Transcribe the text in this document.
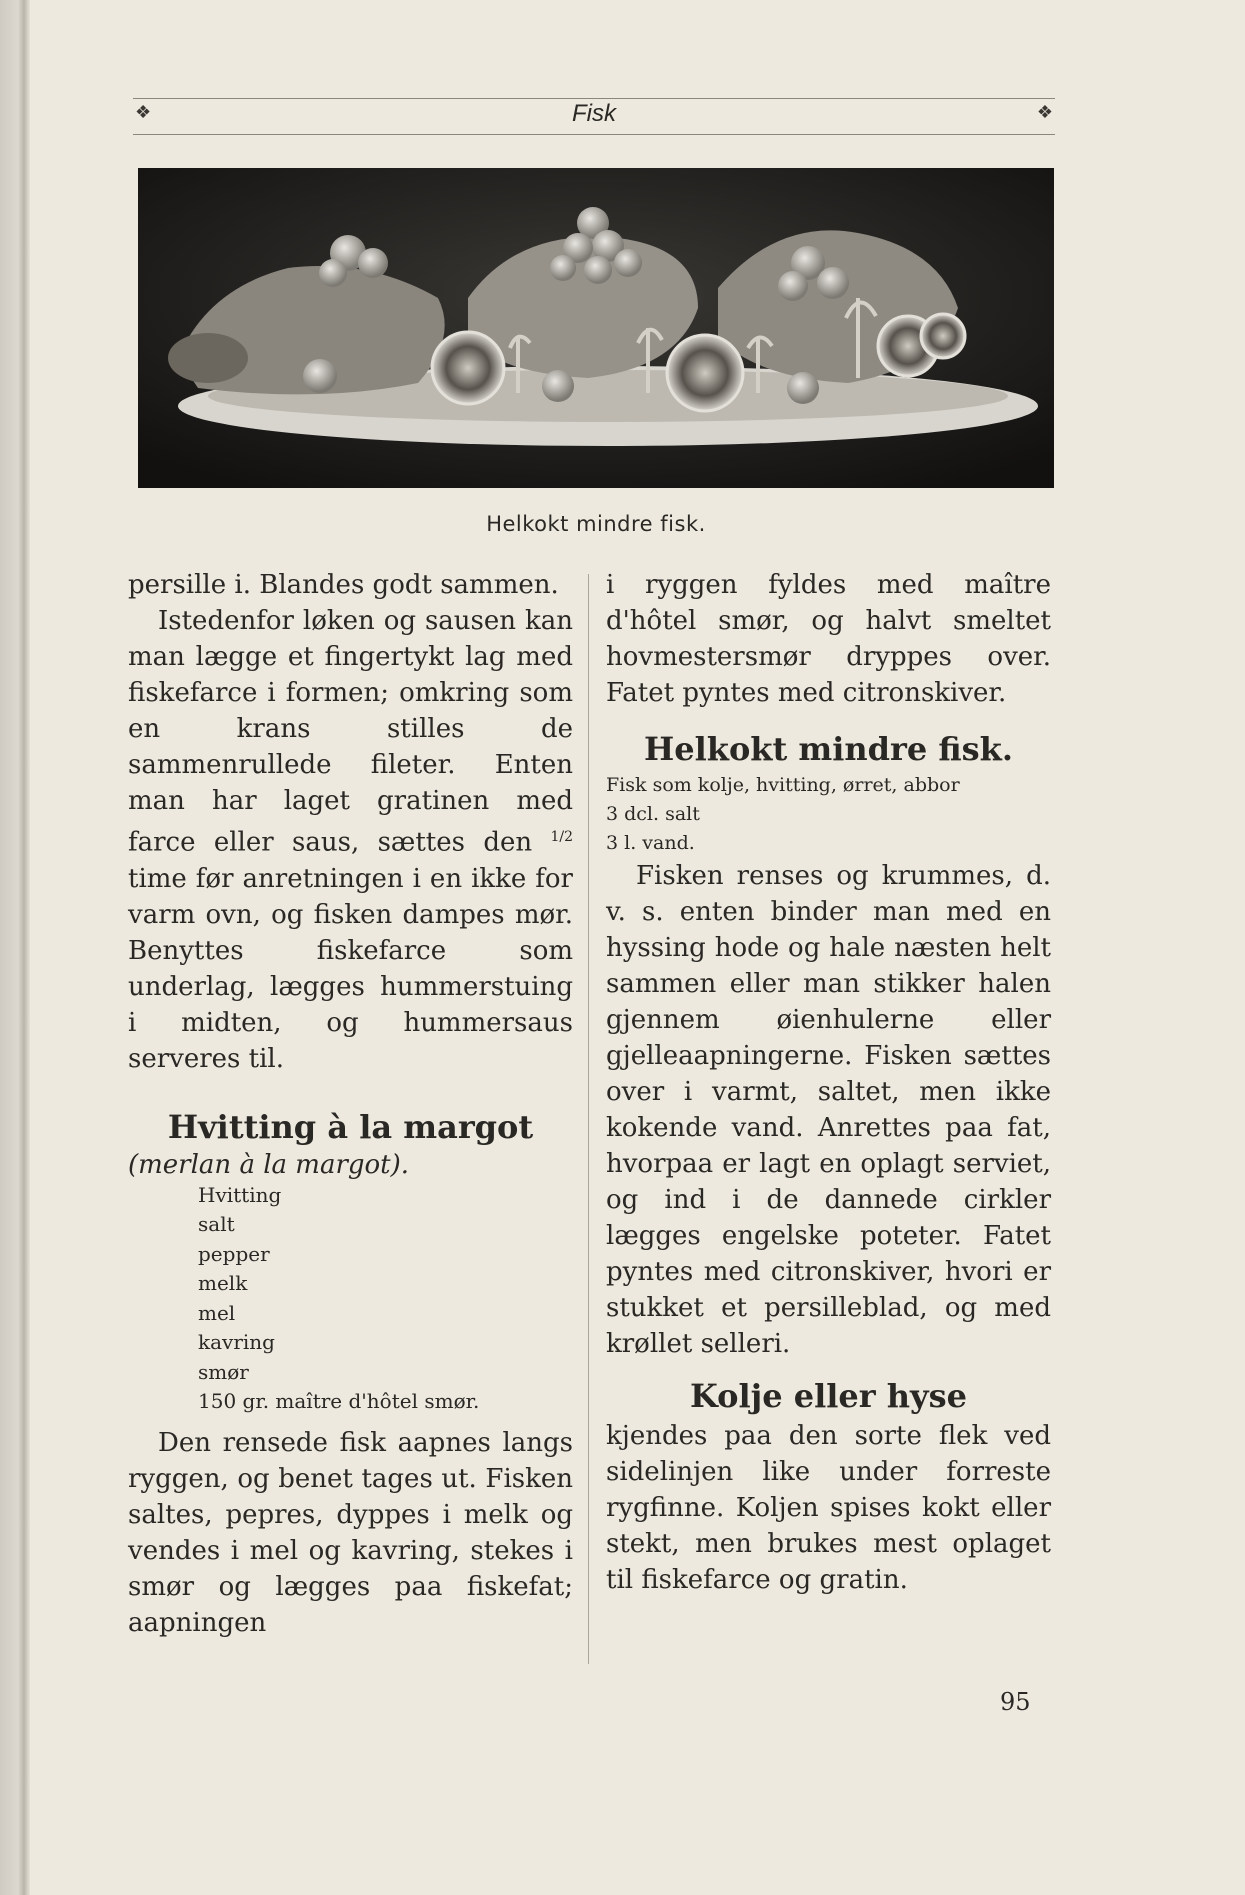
❖	Fisk	❖
Helkokt mindre fisk.

persille i. Blandes godt sammen.

Istedenfor løken og sausen kan man lægge et fingertykt lag med fiskefarce i formen; omkring som en krans stilles de sammenrullede fileter. Enten man har laget gratinen med farce eller saus, sættes den $^{1/2}$ time før anretningen i en ikke for varm ovn, og fisken dampes mør. Benyttes fiskefarce som underlag, lægges hummerstuing i midten, og hummersaus serveres til.

Hvitting à la margot

(merlan à la margot).

Hvitting
salt
pepper
melk
mel
kavring
smør
150 gr. maître d'hôtel smør.

Den rensede fisk aapnes langs ryggen, og benet tages ut. Fisken saltes, pepres, dyppes i melk og vendes i mel og kavring, stekes i smør og lægges paa fiskefat; aapningen

i ryggen fyldes med maître d'hôtel smør, og halvt smeltet hovmestersmør dryppes over. Fatet pyntes med citronskiver.

Helkokt mindre fisk.
Fisk som kolje, hvitting, ørret, abbor
3 dcl. salt
3 l. vand.

Fisken renses og krummes, d. v. s. enten binder man med en hyssing hode og hale næsten helt sammen eller man stikker halen gjennem øienhulerne eller gjelleaapningerne. Fisken sættes over i varmt, saltet, men ikke kokende vand. Anrettes paa fat, hvorpaa er lagt en oplagt serviet, og ind i de dannede cirkler lægges engelske poteter. Fatet pyntes med citronskiver, hvori er stukket et persilleblad, og med krøllet selleri.

Kolje eller hyse

kjendes paa den sorte flek ved sidelinjen like under forreste rygfinne. Koljen spises kokt eller stekt, men brukes mest oplaget til fiskefarce og gratin.

95
